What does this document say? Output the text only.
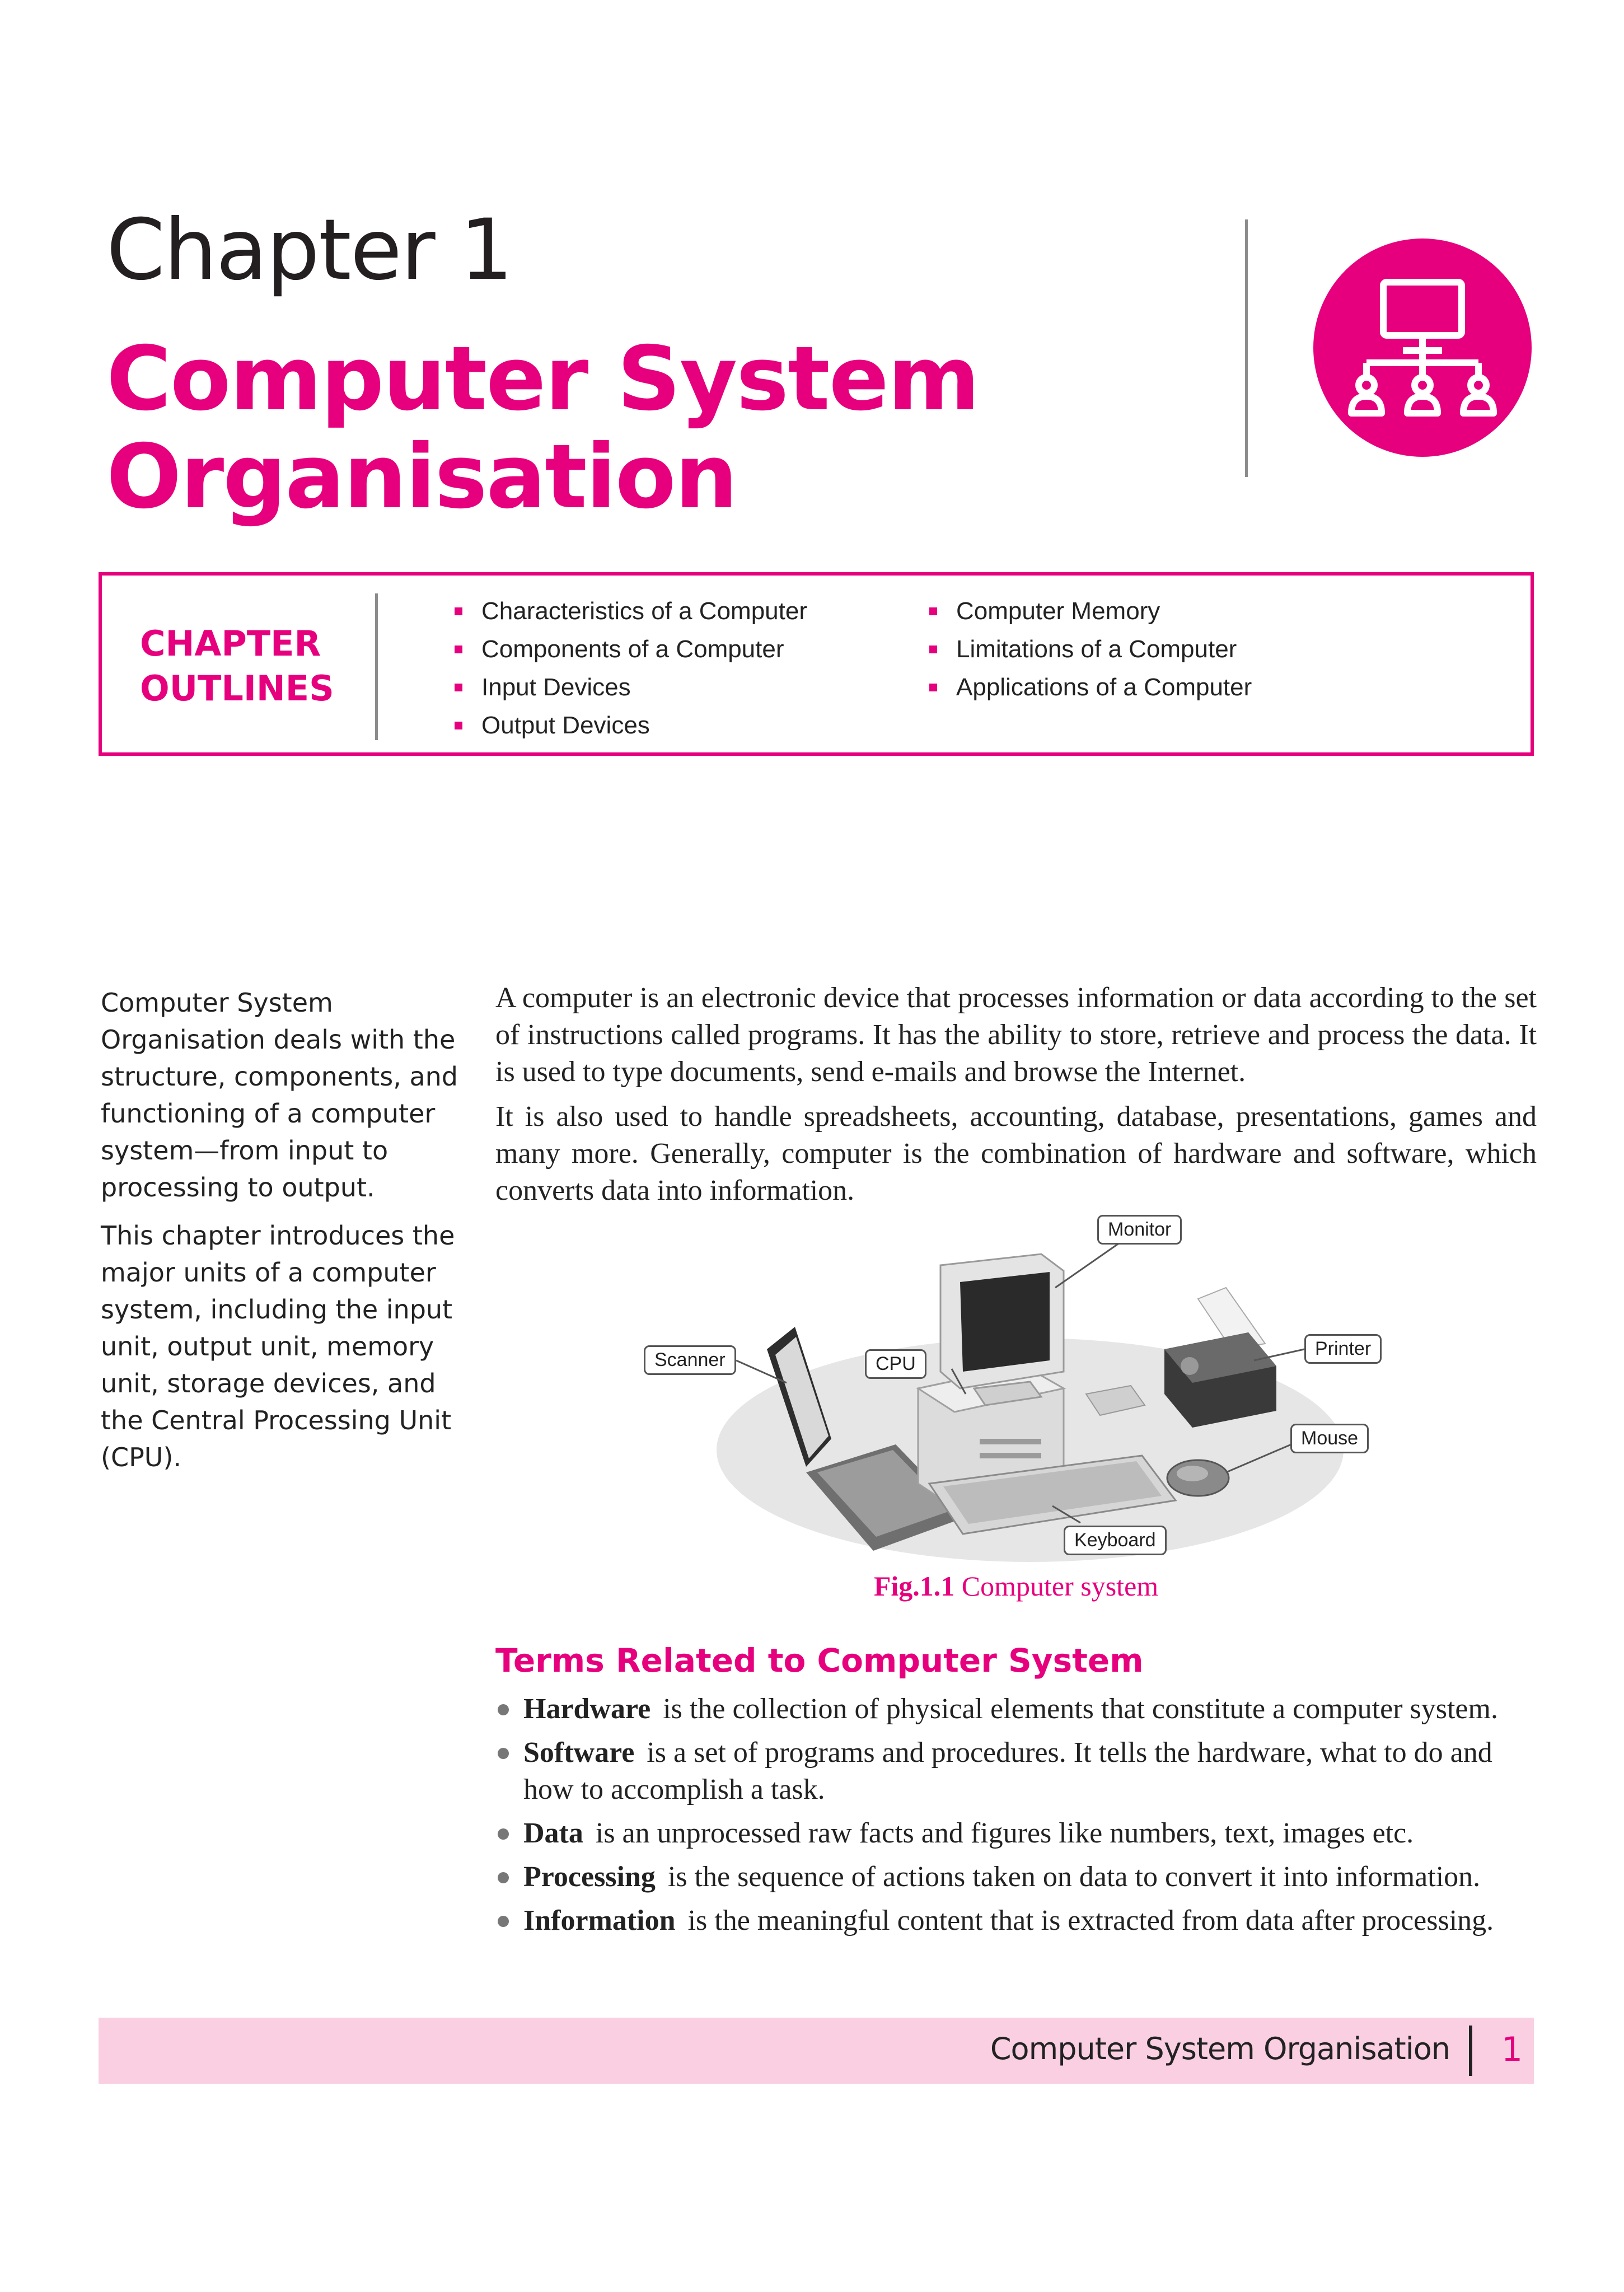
Chapter 1
Computer System Organisation
CHAPTER
OUTLINES
Characteristics of a Computer
Components of a Computer
Input Devices
Output Devices
Computer Memory
Limitations of a Computer
Applications of a Computer

Computer System Organisation deals with the structure, components, and functioning of a computer system—from input to processing to output.

This chapter introduces the major units of a computer system, including the input unit, output unit, memory unit, storage devices, and the Central Processing Unit (CPU).

A computer is an electronic device that processes information or data according to the set of instructions called programs. It has the ability to store, retrieve and process the data. It is used to type documents, send e-mails and browse the Internet.

It is also used to handle spreadsheets, accounting, database, presentations, games and many more. Generally, computer is the combination of hardware and software, which converts data into information.

Monitor
Scanner	CPU
Printer
Mouse
Keyboard
Fig.1.1 Computer system
Terms Related to Computer System
Hardware is the collection of physical elements that constitute a computer system.
Software is a set of programs and procedures. It tells the hardware, what to do and how to accomplish a task.
Data is an unprocessed raw facts and figures like numbers, text, images etc.
Processing is the sequence of actions taken on data to convert it into information.
Information is the meaningful content that is extracted from data after processing.
Computer System Organisation 1
